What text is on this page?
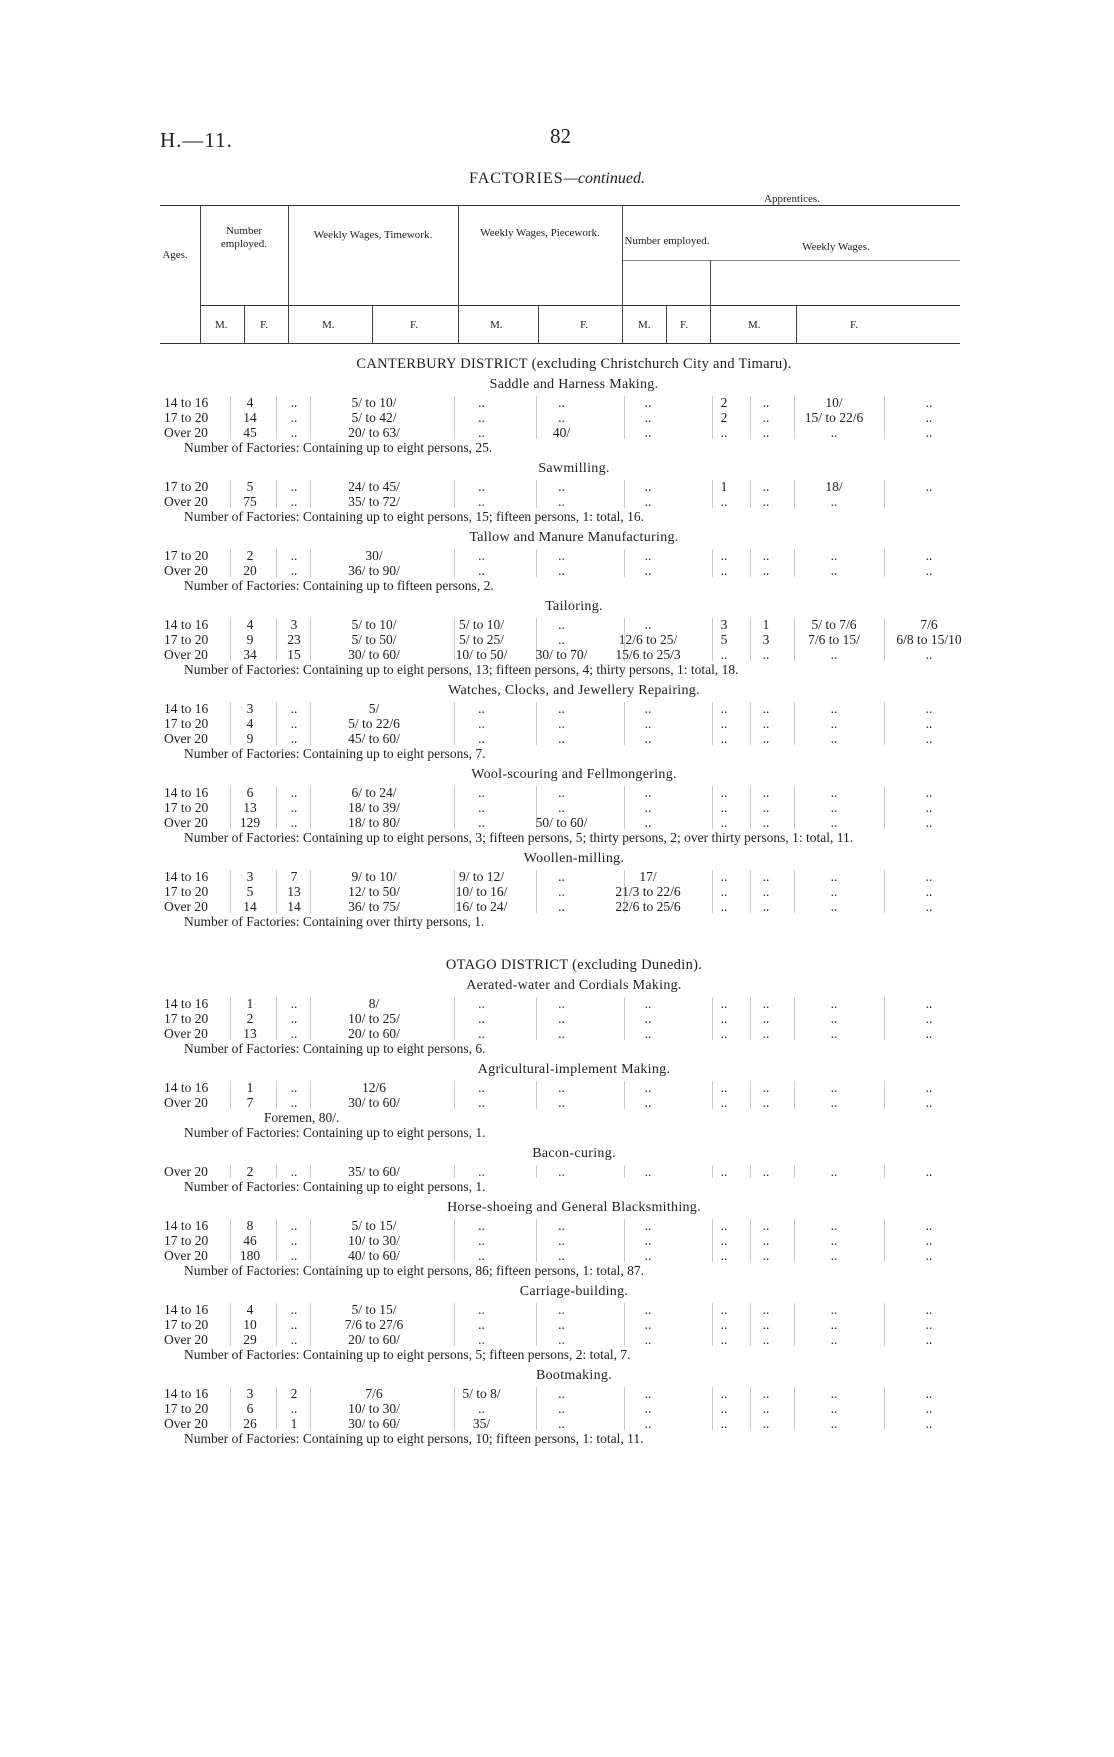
H.—11.	82
FACTORIES—continued.
Ages.
Number employed.
Weekly Wages, Timework.	Weekly Wages, Piecework.
Apprentices.
Number employed.	Weekly Wages.
M.	F.	M.	F.	M.	F.	M.	F.	M.	F.
CANTERBURY DISTRICT (excluding Christchurch City and Timaru).
Saddle and Harness Making.
14 to 16	4	..	5/ to 10/	..	..	..	2	..	10/	..
17 to 20	14	..	5/ to 42/	..	..	..	2	..	15/ to 22/6	..
Over 20	45	..	20/ to 63/	..	40/	..	..	..	..	..
Number of Factories: Containing up to eight persons, 25.
Sawmilling.
17 to 20	5	..	24/ to 45/	..	..	..	1	..	18/	..
Over 20	75	..	35/ to 72/	..	..	..	..	..	..
Number of Factories: Containing up to eight persons, 15; fifteen persons, 1: total, 16.
Tallow and Manure Manufacturing.
17 to 20	2	..	30/	..	..	..	..	..	..	..
Over 20	20	..	36/ to 90/	..	..	..	..	..	..	..
Number of Factories: Containing up to fifteen persons, 2.
Tailoring.
14 to 16	4	3	5/ to 10/	5/ to 10/	..	..	3	1	5/ to 7/6	7/6
17 to 20	9	23	5/ to 50/	5/ to 25/	..	12/6 to 25/	5	3	7/6 to 15/	6/8 to 15/10
Over 20	34	15	30/ to 60/	10/ to 50/	30/ to 70/	15/6 to 25/3	..	..	..	..
Number of Factories: Containing up to eight persons, 13; fifteen persons, 4; thirty persons, 1: total, 18.
Watches, Clocks, and Jewellery Repairing.
14 to 16	3	..	5/	..	..	..	..	..	..	..
17 to 20	4	..	5/ to 22/6	..	..	..	..	..	..	..
Over 20	9	..	45/ to 60/	..	..	..	..	..	..	..
Number of Factories: Containing up to eight persons, 7.
Wool-scouring and Fellmongering.
14 to 16	6	..	6/ to 24/	..	..	..	..	..	..	..
17 to 20	13	..	18/ to 39/	..	..	..	..	..	..	..
Over 20 129	..	18/ to 80/	..	50/ to 60/	..	..	..	..	..
Number of Factories: Containing up to eight persons, 3; fifteen persons, 5; thirty persons, 2; over thirty persons, 1: total, 11.
Woollen-milling.
14 to 16	3	7	9/ to 10/	9/ to 12/	..	17/	..	..	..	..
17 to 20	5	13	12/ to 50/	10/ to 16/	..	21/3 to 22/6	..	..	..	..
Over 20	14	14	36/ to 75/	16/ to 24/	..	22/6 to 25/6	..	..	..	..
Number of Factories: Containing over thirty persons, 1.
OTAGO DISTRICT (excluding Dunedin).
Aerated-water and Cordials Making.
14 to 16	1	..	8/	..	..	..	..	..	..	..
17 to 20	2	..	10/ to 25/	..	..	..	..	..	..	..
Over 20	13	..	20/ to 60/	..	..	..	..	..	..	..
Number of Factories: Containing up to eight persons, 6.
Agricultural-implement Making.
14 to 16	1	..	12/6	..	..	..	..	..	..	..
Over 20	7	..	30/ to 60/	..	..	..	..	..	..	..
Foremen, 80/.
Number of Factories: Containing up to eight persons, 1.
Bacon-curing.
Over 20	2	..	35/ to 60/	..	..	..	..	..	..	..
Number of Factories: Containing up to eight persons, 1.
Horse-shoeing and General Blacksmithing.
14 to 16	8	..	5/ to 15/	..	..	..	..	..	..	..
17 to 20	46	..	10/ to 30/	..	..	..	..	..	..	..
Over 20 180	..	40/ to 60/	..	..	..	..	..	..	..
Number of Factories: Containing up to eight persons, 86; fifteen persons, 1: total, 87.
Carriage-building.
14 to 16	4	..	5/ to 15/	..	..	..	..	..	..	..
17 to 20	10	..	7/6 to 27/6	..	..	..	..	..	..	..
Over 20	29	..	20/ to 60/	..	..	..	..	..	..	..
Number of Factories: Containing up to eight persons, 5; fifteen persons, 2: total, 7.
Bootmaking.
14 to 16	3	2	7/6	5/ to 8/	..	..	..	..	..	..
17 to 20	6	..	10/ to 30/	..	..	..	..	..	..	..
Over 20	26	1	30/ to 60/	35/	..	..	..	..	..	..
Number of Factories: Containing up to eight persons, 10; fifteen persons, 1: total, 11.
